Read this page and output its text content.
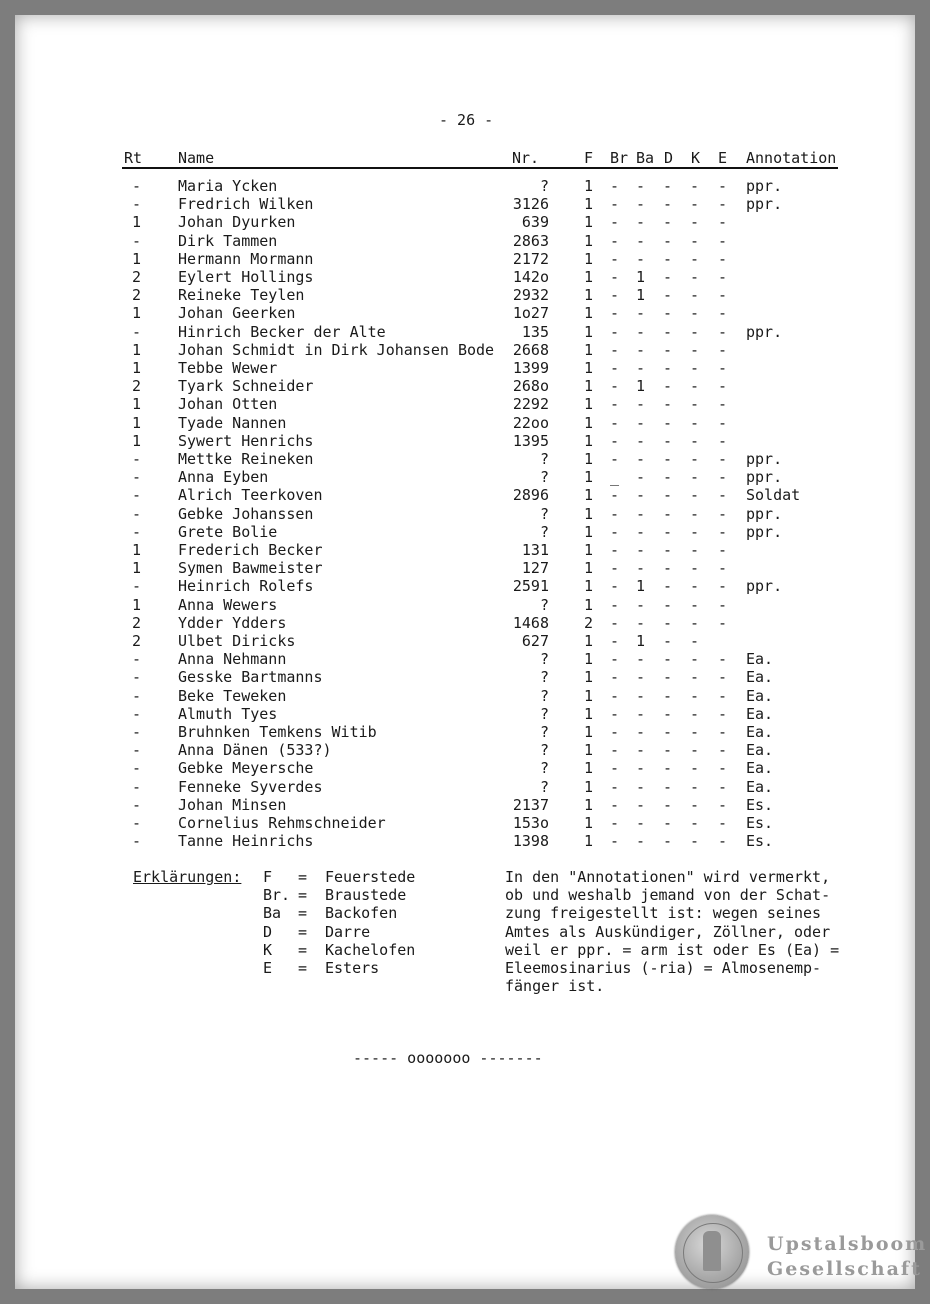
- 26 -
Rt Name	Nr.	F Br Ba D K E Annotation
- Maria Ycken	? 1 - - - - - ppr.
- Fredrich Wilken	3126 1 - - - - - ppr.
1 Johan Dyurken	639 1 - - - - -
- Dirk Tammen	2863 1 - - - - -
1 Hermann Mormann	2172 1 - - - - -
2 Eylert Hollings	142o 1 - 1 - - -
2 Reineke Teylen	2932 1 - 1 - - -
1 Johan Geerken	1o27 1 - - - - -
- Hinrich Becker der Alte	135 1 - - - - - ppr.
1 Johan Schmidt in Dirk Johansen Bode	2668 1 - - - - -
1 Tebbe Wewer	1399 1 - - - - -
2 Tyark Schneider	268o 1 - 1 - - -
1 Johan Otten	2292 1 - - - - -
1 Tyade Nannen	22oo 1 - - - - -
1 Sywert Henrichs	1395 1 - - - - -
- Mettke Reineken	? 1 - - - - - ppr.
- Anna Eyben	? 1 _ - - - - ppr.
- Alrich Teerkoven	2896 1 - - - - - Soldat
- Gebke Johanssen	? 1 - - - - - ppr.
- Grete Bolie	? 1 - - - - - ppr.
1 Frederich Becker	131 1 - - - - -
1 Symen Bawmeister	127 1 - - - - -
- Heinrich Rolefs	2591 1 - 1 - - - ppr.
1 Anna Wewers	? 1 - - - - -
2 Ydder Ydders	1468 2 - - - - -
2 Ulbet Diricks	627 1 - 1 - -
- Anna Nehmann	? 1 - - - - - Ea.
- Gesske Bartmanns	? 1 - - - - - Ea.
- Beke Teweken	? 1 - - - - - Ea.
- Almuth Tyes	? 1 - - - - - Ea.
- Bruhnken Temkens Witib	? 1 - - - - - Ea.
- Anna Dänen (533?)	? 1 - - - - - Ea.
- Gebke Meyersche	? 1 - - - - - Ea.
- Fenneke Syverdes	? 1 - - - - - Ea.
- Johan Minsen	2137 1 - - - - - Es.
- Cornelius Rehmschneider	153o 1 - - - - - Es.
- Tanne Heinrichs	1398 1 - - - - - Es.
Erklärungen: F = Feuerstede
Br. = Braustede
Ba = Backofen
D = Darre
K = Kachelofen
E = Esters
In den "Annotationen" wird vermerkt,
ob und weshalb jemand von der Schat-
zung freigestellt ist: wegen seines
Amtes als Auskündiger, Zöllner, oder
weil er ppr. = arm ist oder Es (Ea) =
Eleemosinarius (-ria) = Almosenemp-
fänger ist.
----- ooooooo -------
Upstalsboom
Gesellschaft
